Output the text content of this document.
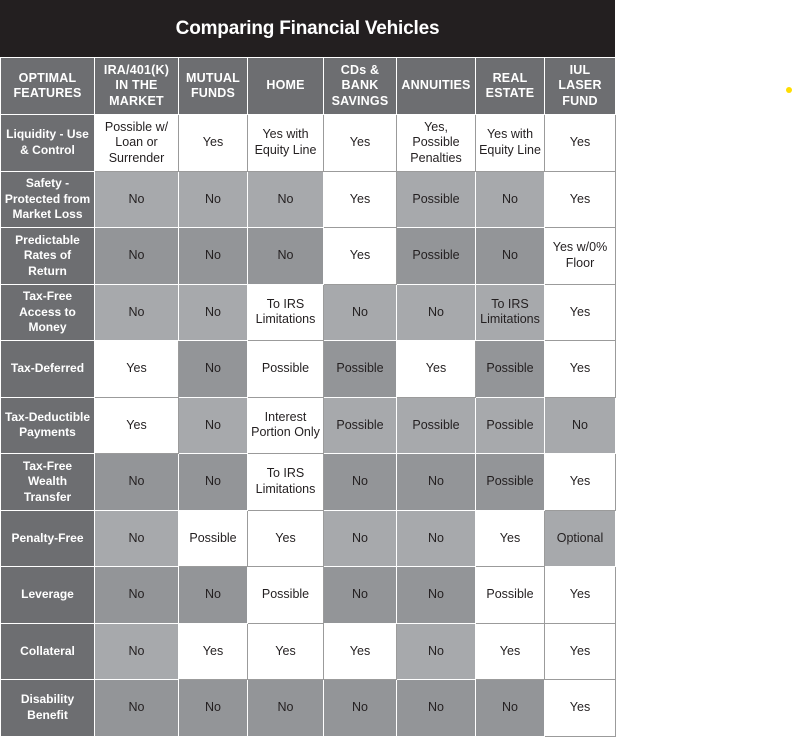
Comparing Financial Vehicles
OPTIMAL FEATURES	IRA/401(K) IN THE MARKET	MUTUAL FUNDS	HOME	CDs & BANK SAVINGS	ANNUITIES	REAL ESTATE	IUL LASER FUND
Liquidity - Use & Control	Possible w/ Loan or Surrender	Yes	Yes with Equity Line	Yes	Yes, Possible Penalties	Yes with Equity Line	Yes
Safety - Protected from Market Loss	No	No	No	Yes	Possible	No	Yes
Predictable Rates of Return	No	No	No	Yes	Possible	No	Yes w/0% Floor
Tax-Free Access to Money	No	No	To IRS Limitations	No	No	To IRS Limitations	Yes
Tax-Deferred	Yes	No	Possible	Possible	Yes	Possible	Yes
Tax-Deductible Payments	Yes	No	Interest Portion Only	Possible	Possible	Possible	No
Tax-Free Wealth Transfer	No	No	To IRS Limitations	No	No	Possible	Yes
Penalty-Free	No	Possible	Yes	No	No	Yes	Optional
Leverage	No	No	Possible	No	No	Possible	Yes
Collateral	No	Yes	Yes	Yes	No	Yes	Yes
Disability Benefit	No	No	No	No	No	No	Yes
